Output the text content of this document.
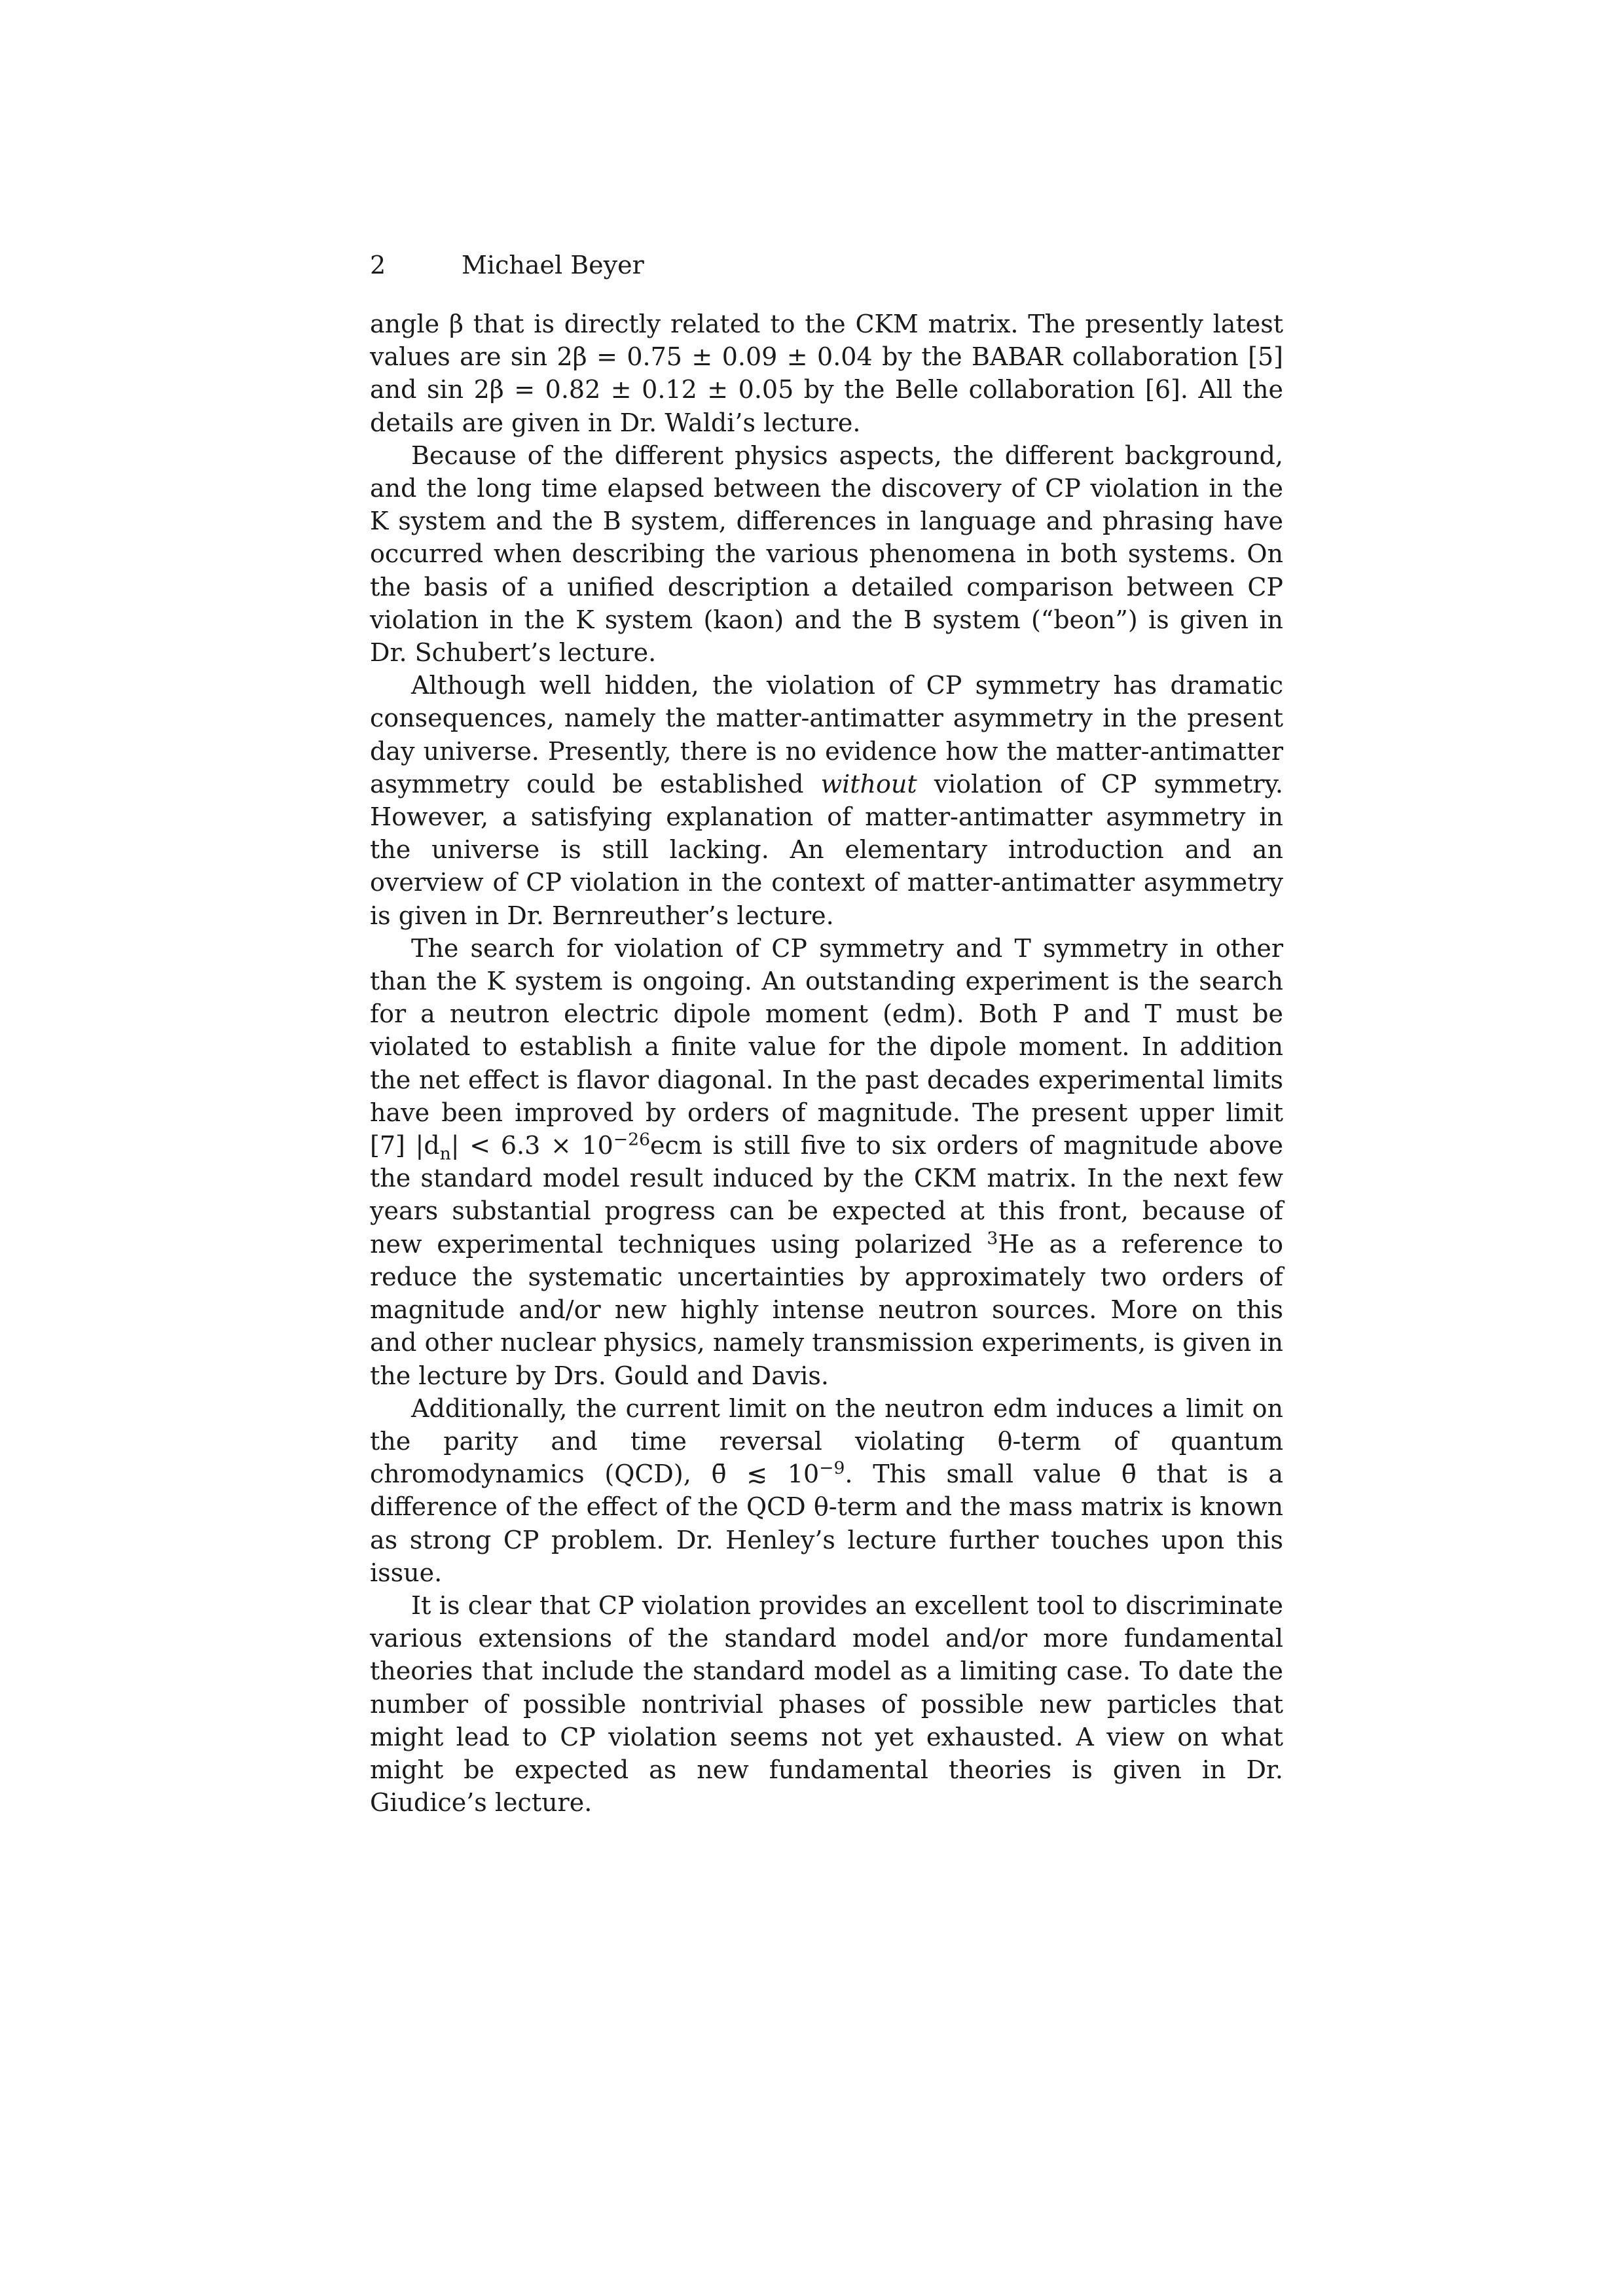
2	Michael Beyer

angle β that is directly related to the CKM matrix. The presently latest values are sin 2β = 0.75 ± 0.09 ± 0.04 by the BABAR collaboration [5] and sin 2β = 0.82 ± 0.12 ± 0.05 by the Belle collaboration [6]. All the details are given in Dr. Waldi’s lecture.

Because of the different physics aspects, the different background, and the long time elapsed between the discovery of CP violation in the K system and the B system, differences in language and phrasing have occurred when describing the various phenomena in both systems. On the basis of a unified description a detailed comparison between CP violation in the K system (kaon) and the B system (“beon”) is given in Dr. Schubert’s lecture.

Although well hidden, the violation of CP symmetry has dramatic consequences, namely the matter-antimatter asymmetry in the present day universe. Presently, there is no evidence how the matter-antimatter asymmetry could be established without violation of CP symmetry. However, a satisfying explanation of matter-antimatter asymmetry in the universe is still lacking. An elementary introduction and an overview of CP violation in the context of matter-antimatter asymmetry is given in Dr. Bernreuther’s lecture.

The search for violation of CP symmetry and T symmetry in other than the K system is ongoing. An outstanding experiment is the search for a neutron electric dipole moment (edm). Both P and T must be violated to establish a finite value for the dipole moment. In addition the net effect is flavor diagonal. In the past decades experimental limits have been improved by orders of magnitude. The present upper limit [7] $|d_n| < 6.3 \times 10^{-26}ecm$ is still five to six orders of magnitude above the standard model result induced by the CKM matrix. In the next few years substantial progress can be expected at this front, because of new experimental techniques using polarized $^3$He as a reference to reduce the systematic uncertainties by approximately two orders of magnitude and/or new highly intense neutron sources. More on this and other nuclear physics, namely transmission experiments, is given in the lecture by Drs. Gould and Davis.

Additionally, the current limit on the neutron edm induces a limit on the parity and time reversal violating θ-term of quantum chromodynamics (QCD), θ̄ ≲ $10^{-9}$. This small value θ̄ that is a difference of the effect of the QCD θ-term and the mass matrix is known as strong CP problem. Dr. Henley’s lecture further touches upon this issue.

It is clear that CP violation provides an excellent tool to discriminate various extensions of the standard model and/or more fundamental theories that include the standard model as a limiting case. To date the number of possible nontrivial phases of possible new particles that might lead to CP violation seems not yet exhausted. A view on what might be expected as new fundamental theories is given in Dr. Giudice’s lecture.
